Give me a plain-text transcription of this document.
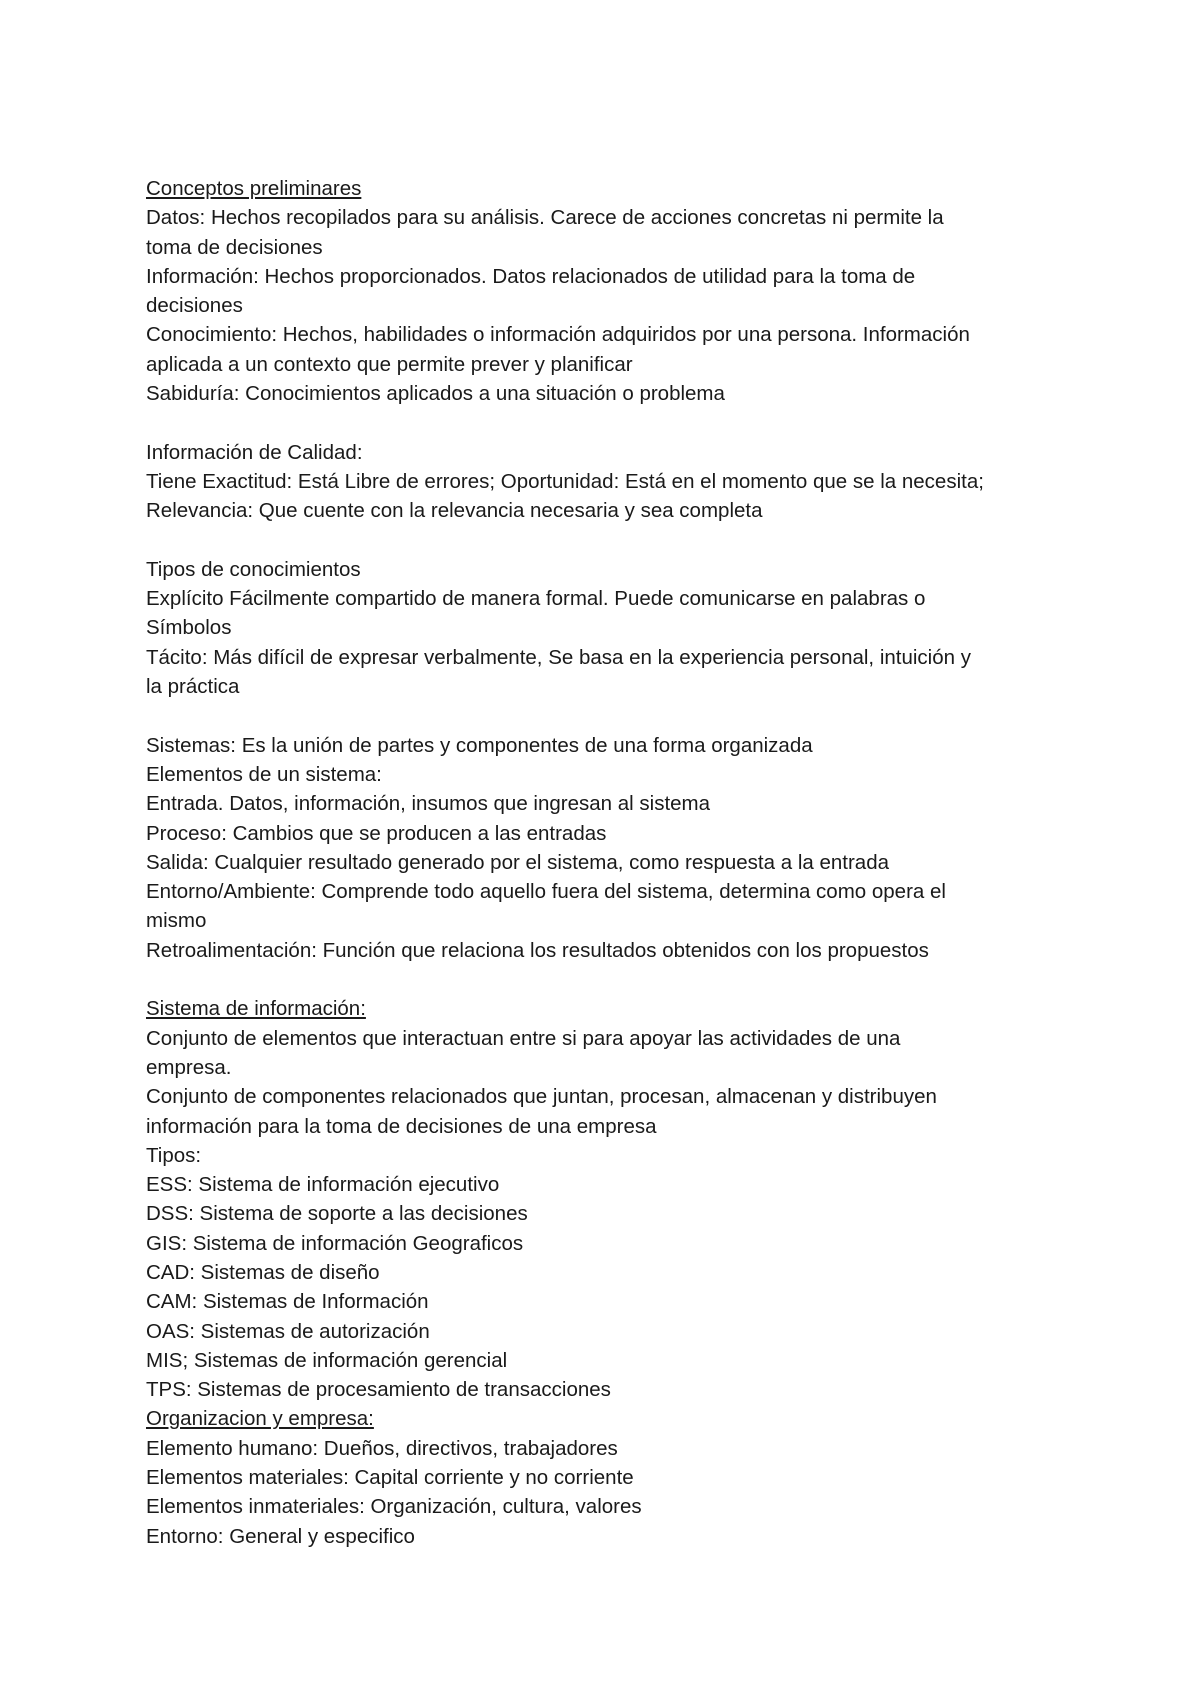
Conceptos preliminares
Datos: Hechos recopilados para su análisis. Carece de acciones concretas ni permite la
toma de decisiones
Información: Hechos proporcionados. Datos relacionados de utilidad para la toma de
decisiones
Conocimiento: Hechos, habilidades o información adquiridos por una persona. Información
aplicada a un contexto que permite prever y planificar
Sabiduría: Conocimientos aplicados a una situación o problema
Información de Calidad:
Tiene Exactitud: Está Libre de errores; Oportunidad: Está en el momento que se la necesita;
Relevancia: Que cuente con la relevancia necesaria y sea completa
Tipos de conocimientos
Explícito Fácilmente compartido de manera formal. Puede comunicarse en palabras o
Símbolos
Tácito: Más difícil de expresar verbalmente, Se basa en la experiencia personal, intuición y
la práctica
Sistemas: Es la unión de partes y componentes de una forma organizada
Elementos de un sistema:
Entrada. Datos, información, insumos que ingresan al sistema
Proceso: Cambios que se producen a las entradas
Salida: Cualquier resultado generado por el sistema, como respuesta a la entrada
Entorno/Ambiente: Comprende todo aquello fuera del sistema, determina como opera el
mismo
Retroalimentación: Función que relaciona los resultados obtenidos con los propuestos
Sistema de información:
Conjunto de elementos que interactuan entre si para apoyar las actividades de una
empresa.
Conjunto de componentes relacionados que juntan, procesan, almacenan y distribuyen
información para la toma de decisiones de una empresa
Tipos:
ESS: Sistema de información ejecutivo
DSS: Sistema de soporte a las decisiones
GIS: Sistema de información Geograficos
CAD: Sistemas de diseño
CAM: Sistemas de Información
OAS: Sistemas de autorización
MIS; Sistemas de información gerencial
TPS: Sistemas de procesamiento de transacciones
Organizacion y empresa:
Elemento humano: Dueños, directivos, trabajadores
Elementos materiales: Capital corriente y no corriente
Elementos inmateriales: Organización, cultura, valores
Entorno: General y especifico
